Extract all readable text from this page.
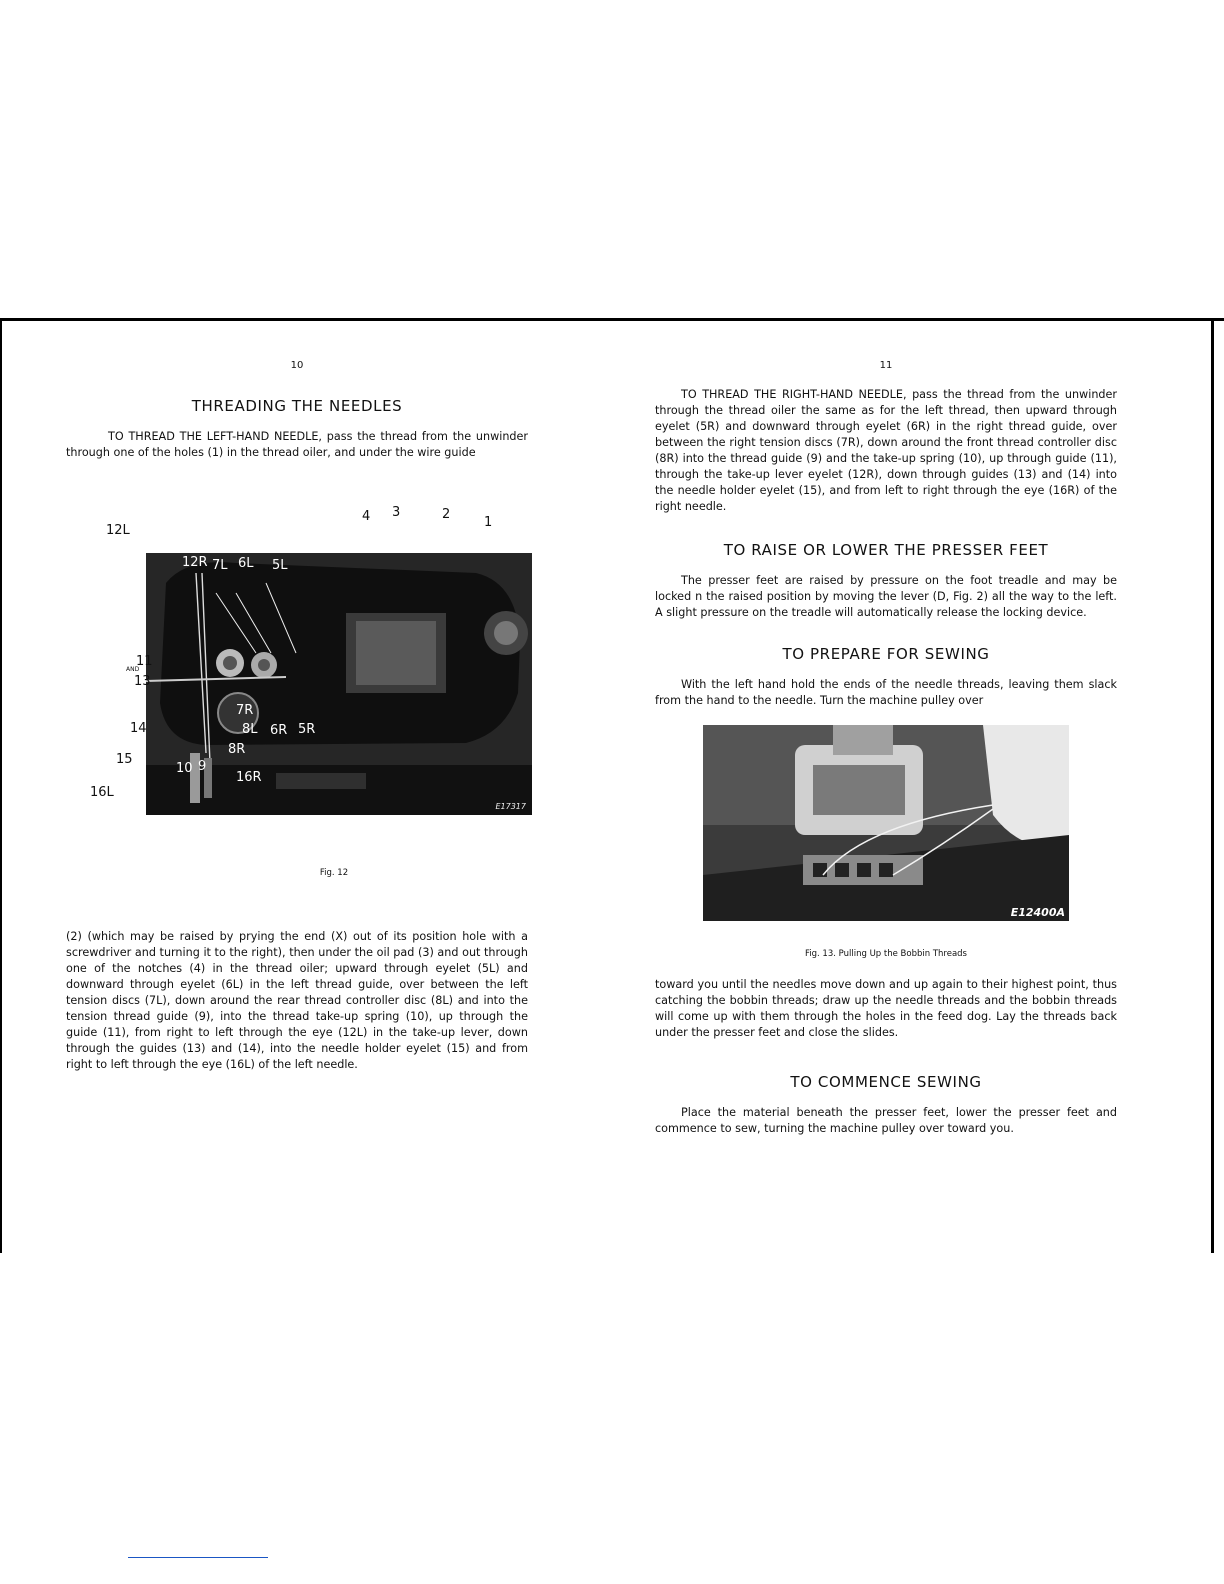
10
THREADING THE NEEDLES

TO THREAD THE LEFT-HAND NEEDLE, pass the thread from the unwinder through one of the holes (1) in the thread oiler, and under the wire guide

E17317
12L
12R 7L 6L 5L
4 3	2
1
X
11
AND
13
14
7R
6R
8L	5R
8R
15
10 9
16R
16L

Fig. 12

(2) (which may be raised by prying the end (X) out of its position hole with a screwdriver and turning it to the right), then under the oil pad (3) and out through one of the notches (4) in the thread oiler; upward through eyelet (5L) and downward through eyelet (6L) in the left thread guide, over between the left tension discs (7L), down around the rear thread controller disc (8L) and into the tension thread guide (9), into the thread take-up spring (10), up through the guide (11), from right to left through the eye (12L) in the take-up lever, down through the guides (13) and (14), into the needle holder eyelet (15) and from right to left through the eye (16L) of the left needle.

11

TO THREAD THE RIGHT-HAND NEEDLE, pass the thread from the unwinder through the thread oiler the same as for the left thread, then upward through eyelet (5R) and downward through eyelet (6R) in the right thread guide, over between the right tension discs (7R), down around the front thread controller disc (8R) into the thread guide (9) and the take-up spring (10), up through guide (11), through the take-up lever eyelet (12R), down through guides (13) and (14) into the needle holder eyelet (15), and from left to right through the eye (16R) of the right needle.

TO RAISE OR LOWER THE PRESSER FEET

The presser feet are raised by pressure on the foot treadle and may be locked n the raised position by moving the lever (D, Fig. 2) all the way to the left. A slight pressure on the treadle will automatically release the locking device.

TO PREPARE FOR SEWING

With the left hand hold the ends of the needle threads, leaving them slack from the hand to the needle. Turn the machine pulley over

E12400A

Fig. 13. Pulling Up the Bobbin Threads

toward you until the needles move down and up again to their highest point, thus catching the bobbin threads; draw up the needle threads and the bobbin threads will come up with them through the holes in the feed dog. Lay the threads back under the presser feet and close the slides.

TO COMMENCE SEWING

Place the material beneath the presser feet, lower the presser feet and commence to sew, turning the machine pulley over toward you.
